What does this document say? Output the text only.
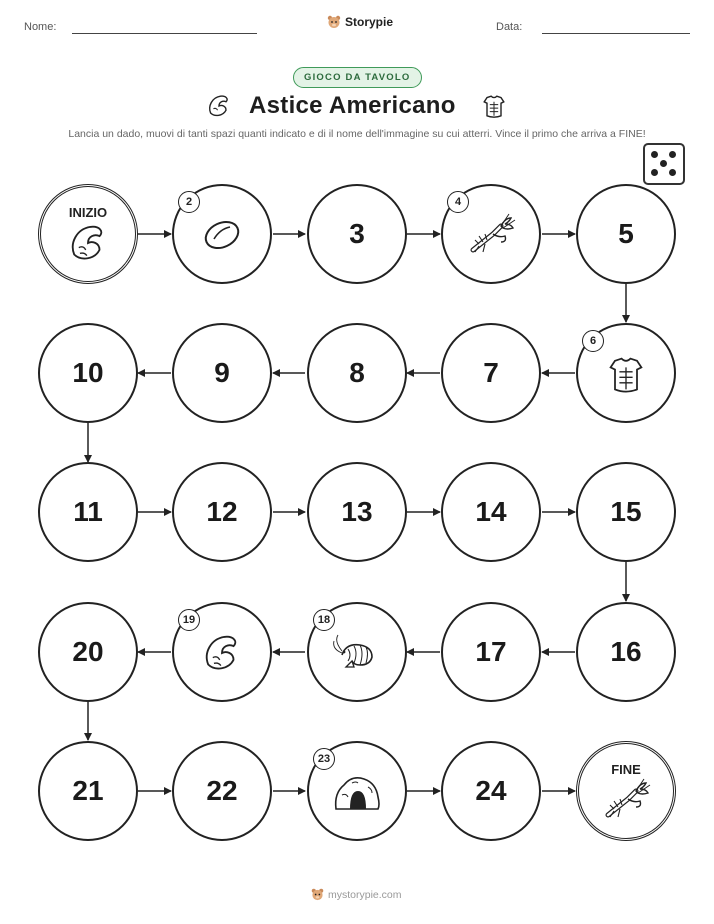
Nome:	Storypie	Data:
GIOCO DA TAVOLO
Astice Americano
Lancia un dado, muovi di tanti spazi quanti indicato e di il nome dell'immagine su cui atterri. Vince il primo che arriva a FINE!
INIZIO
2
3
4
5
6
7
8
9
10
11	12	13	14	15
16
17
18
19
20
21	22
23
24
FINE
mystorypie.com
